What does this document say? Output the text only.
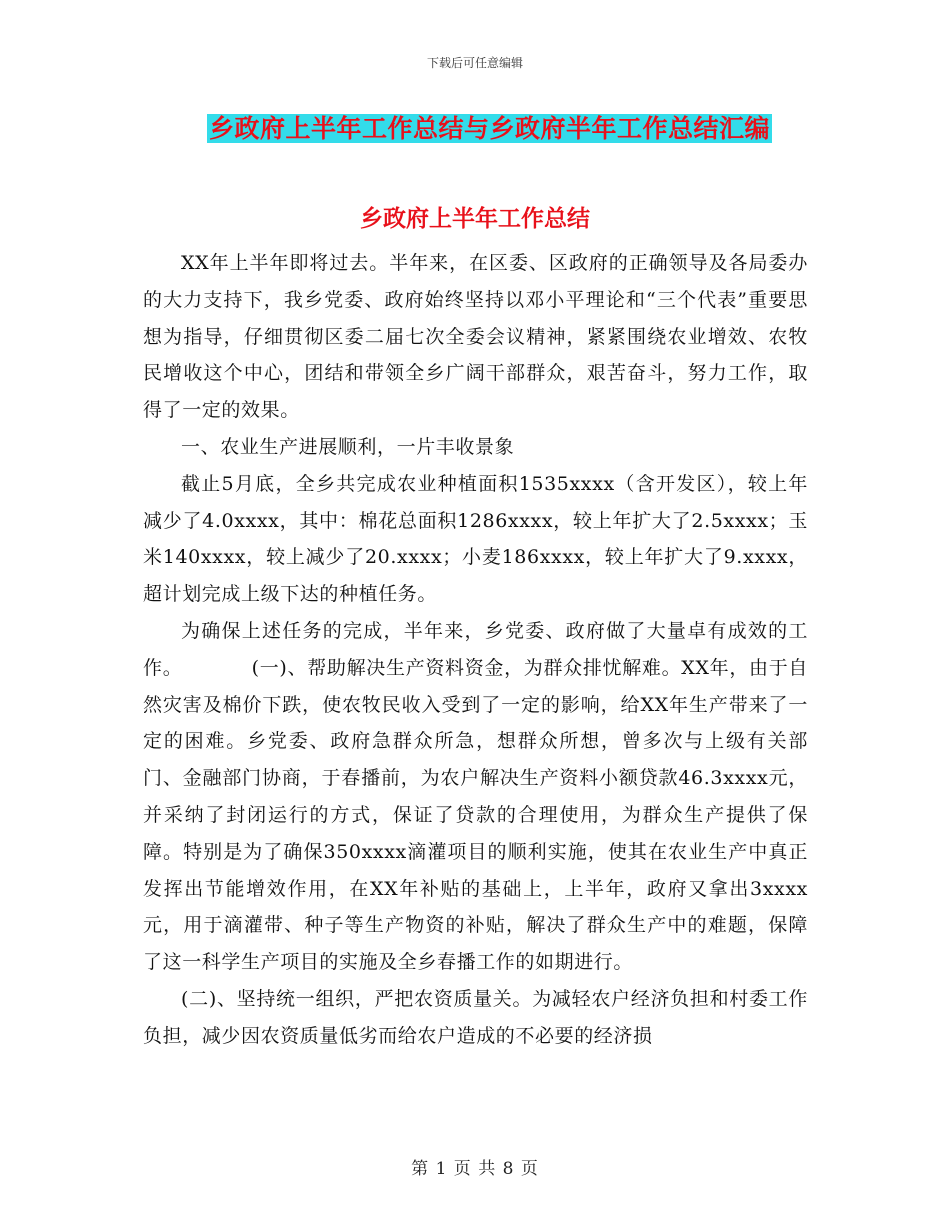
下载后可任意编辑
乡政府上半年工作总结与乡政府半年工作总结汇编
乡政府上半年工作总结

XX年上半年即将过去。半年来，在区委、区政府的正确领导及各局委办的大力支持下，我乡党委、政府始终坚持以邓小平理论和“三个代表”重要思想为指导，仔细贯彻区委二届七次全委会议精神，紧紧围绕农业增效、农牧民增收这个中心，团结和带领全乡广阔干部群众，艰苦奋斗，努力工作，取得了一定的效果。

一、农业生产进展顺利，一片丰收景象

截止5月底，全乡共完成农业种植面积1535xxxx（含开发区），较上年减少了4.0xxxx，其中：棉花总面积1286xxxx，较上年扩大了2.5xxxx；玉米140xxxx，较上减少了20.xxxx；小麦186xxxx，较上年扩大了9.xxxx，超计划完成上级下达的种植任务。

为确保上述任务的完成，半年来，乡党委、政府做了大量卓有成效的工作。　　　　(一)、帮助解决生产资料资金，为群众排忧解难。XX年，由于自然灾害及棉价下跌，使农牧民收入受到了一定的影响，给XX年生产带来了一定的困难。乡党委、政府急群众所急，想群众所想，曾多次与上级有关部门、金融部门协商，于春播前，为农户解决生产资料小额贷款46.3xxxx元，并采纳了封闭运行的方式，保证了贷款的合理使用，为群众生产提供了保障。特别是为了确保350xxxx滴灌项目的顺利实施，使其在农业生产中真正发挥出节能增效作用，在XX年补贴的基础上，上半年，政府又拿出3xxxx元，用于滴灌带、种子等生产物资的补贴，解决了群众生产中的难题，保障了这一科学生产项目的实施及全乡春播工作的如期进行。

(二)、坚持统一组织，严把农资质量关。为减轻农户经济负担和村委工作负担，减少因农资质量低劣而给农户造成的不必要的经济损

第 1 页 共 8 页
